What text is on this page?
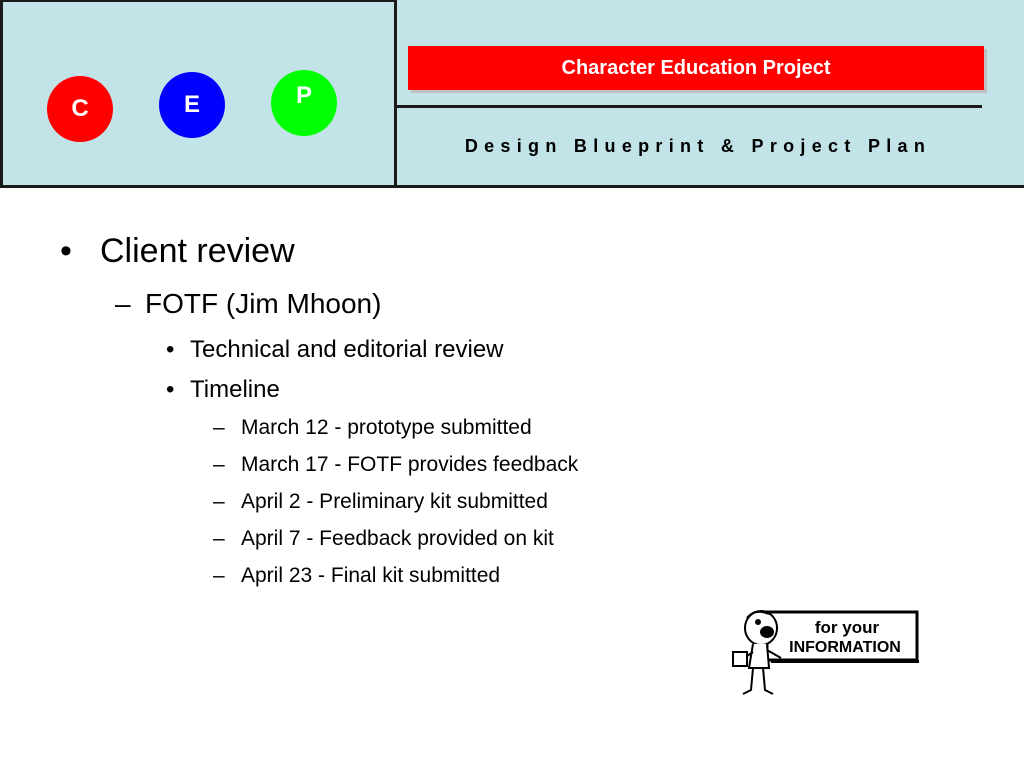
C	E	P
Character Education Project
Design Blueprint & Project Plan
• Client review
– FOTF (Jim Mhoon)
• Technical and editorial review
• Timeline
– March 12 - prototype submitted
– March 17 - FOTF provides feedback
– April 2 - Preliminary kit submitted
– April 7 - Feedback provided on kit
– April 23 - Final kit submitted
for your
INFORMATION
